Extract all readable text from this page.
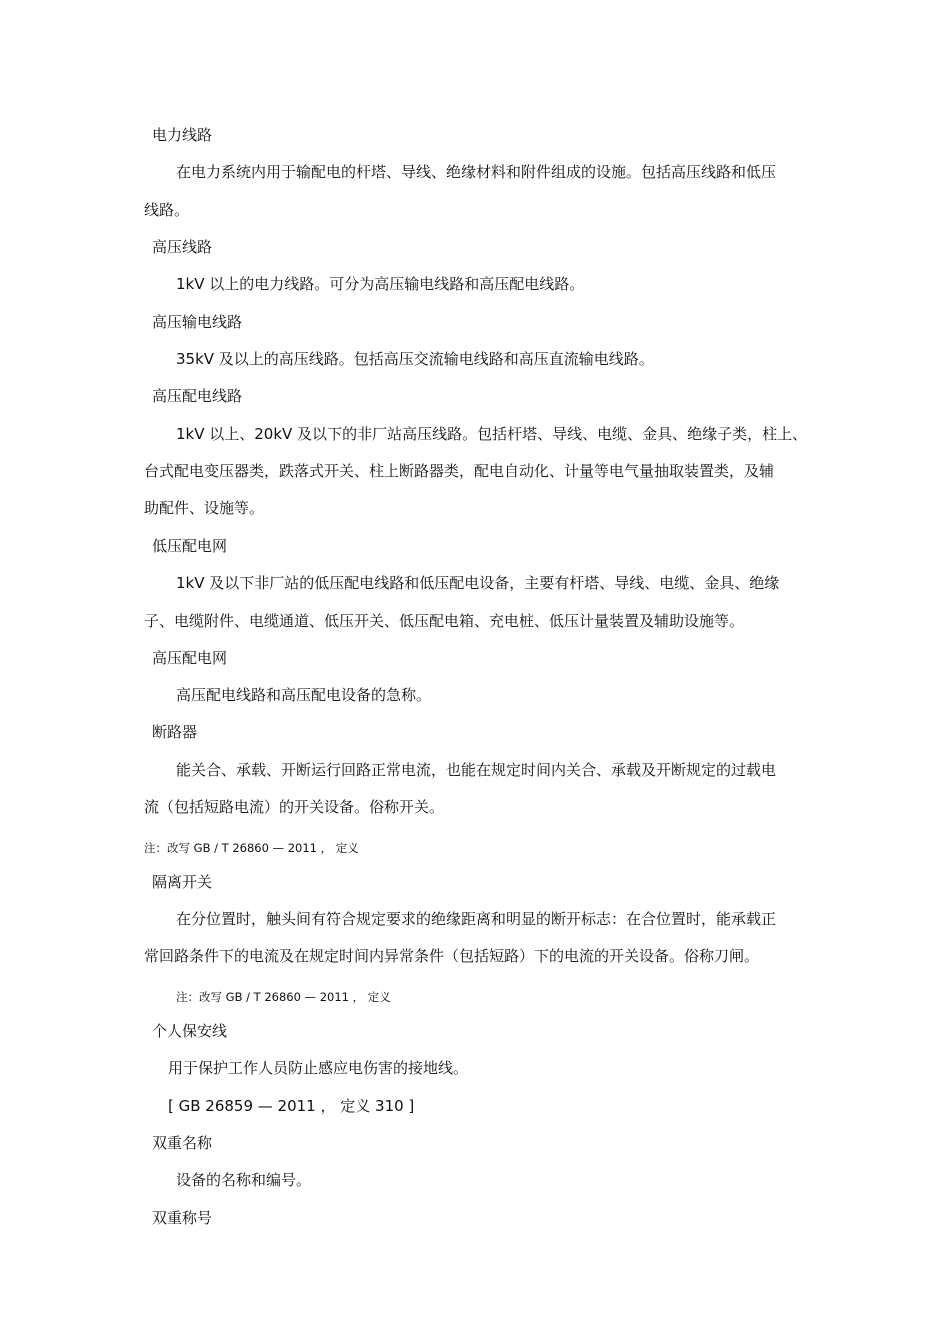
电力线路
在电力系统内用于输配电的杆塔、导线、绝缘材料和附件组成的设施。包括高压线路和低压
线路。
高压线路
1kV 以上的电力线路。可分为高压输电线路和高压配电线路。
高压输电线路
35kV 及以上的高压线路。包括高压交流输电线路和高压直流输电线路。
高压配电线路
1kV 以上、20kV 及以下的非厂站高压线路。包括杆塔、导线、电缆、金具、绝缘子类，柱上、
台式配电变压器类，跌落式开关、柱上断路器类，配电自动化、计量等电气量抽取装置类，及辅
助配件、设施等。
低压配电网
1kV 及以下非厂站的低压配电线路和低压配电设备，主要有杆塔、导线、电缆、金具、绝缘
子、电缆附件、电缆通道、低压开关、低压配电箱、充电桩、低压计量装置及辅助设施等。
高压配电网
高压配电线路和高压配电设备的急称。
断路器
能关合、承载、开断运行回路正常电流，也能在规定时间内关合、承载及开断规定的过载电
流（包括短路电流）的开关设备。俗称开关。
注：改写 GB / T 26860 — 2011 ， 定义
隔离开关
在分位置时，触头间有符合规定要求的绝缘距离和明显的断开标志：在合位置时，能承载正
常回路条件下的电流及在规定时间内异常条件（包括短路）下的电流的开关设备。俗称刀闸。
注：改写 GB / T 26860 — 2011 ， 定义
个人保安线
用于保护工作人员防止感应电伤害的接地线。
[ GB 26859 — 2011 ， 定义 310 ]
双重名称
设备的名称和编号。
双重称号
